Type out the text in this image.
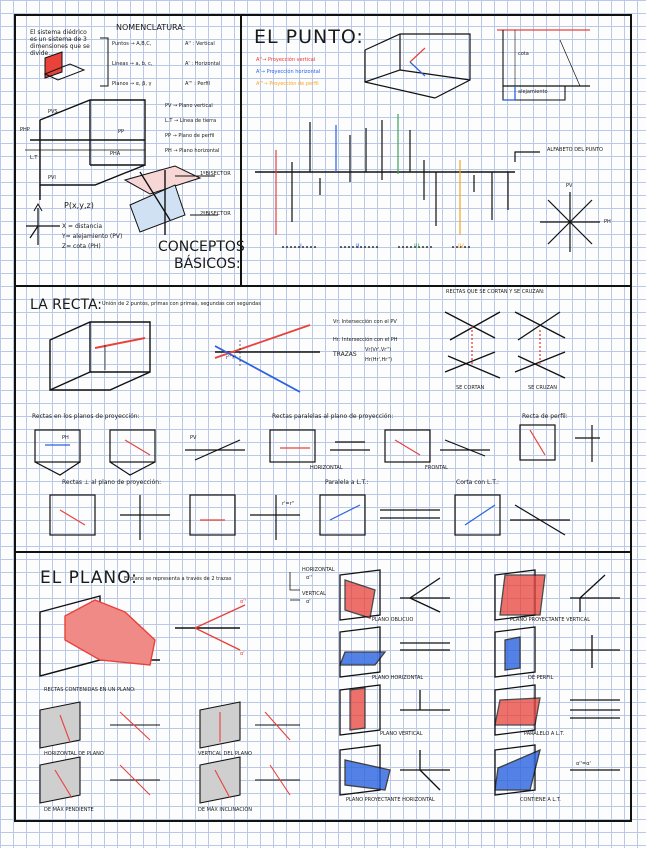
El sistema diédrico
es un sistema de 3
dimensiones que se
divide..
NOMENCLATURA:
Puntos → A,B,C,	A'' : Vertical
Líneas → a, b, c,	A' : Horizontal
Planos → α, β, γ	A''' : Perfil
PVS
PHP	PP
PHA
L.T
PVI
PV → Plano vertical
L.T → Línea de tierra
PP → Plano de perfil
PH → Plano horizontal
1ºBISECTOR
2ºBISECTOR
P(x,y,z)
X = distancia
Y= alejamiento (PV)
Z= cota (PH)	CONCEPTOS
BÁSICOS:
EL PUNTO:
A''→ Proyección vertical
A'→ Proyección horizontal
A'''→ Proyección de perfil
cota
alejamiento
ALFABETO DEL PUNTO
I	II	III	IV
PV
PH
LA RECTA: Unión de 2 puntos, primas con primas, segundas con segundas
Vr: Intersección con el PV
Hr: Intersección con el PH
TRAZAS
Vr(Vr',Vr'')
Hr(Hr',Hr'')
RECTAS QUE SE CORTAN Y SE CRUZAN:
SE CORTAN	SE CRUZAN
Rectas en los planos de proyección:	Rectas paralelas al plano de proyección:
HORIZONTAL	FRONTAL
Recta de perfil:
Rectas ⊥ al plano de proyección:	Paralela a L.T.:	Corta con L.T.:
PH	PV
r'' r'
r'=r''
EL PLANO:
El plano se representa a través de 2 trazas
HORIZONTAL
VERTICAL
α''
α'
α''
α'
RECTAS CONTENIDAS EN UN PLANO:
HORIZONTAL DE PLANO	VERTICAL DEL PLANO
DE MÁX PENDIENTE	DE MÁX INCLINACIÓN
PLANO OBLICUO	PLANO PROYECTANTE VERTICAL
PLANO HORIZONTAL	DE PERFIL
PLANO VERTICAL	PARALELO A L.T.
PLANO PROYECTANTE HORIZONTAL	CONTIENE A L.T.
α''=α'
